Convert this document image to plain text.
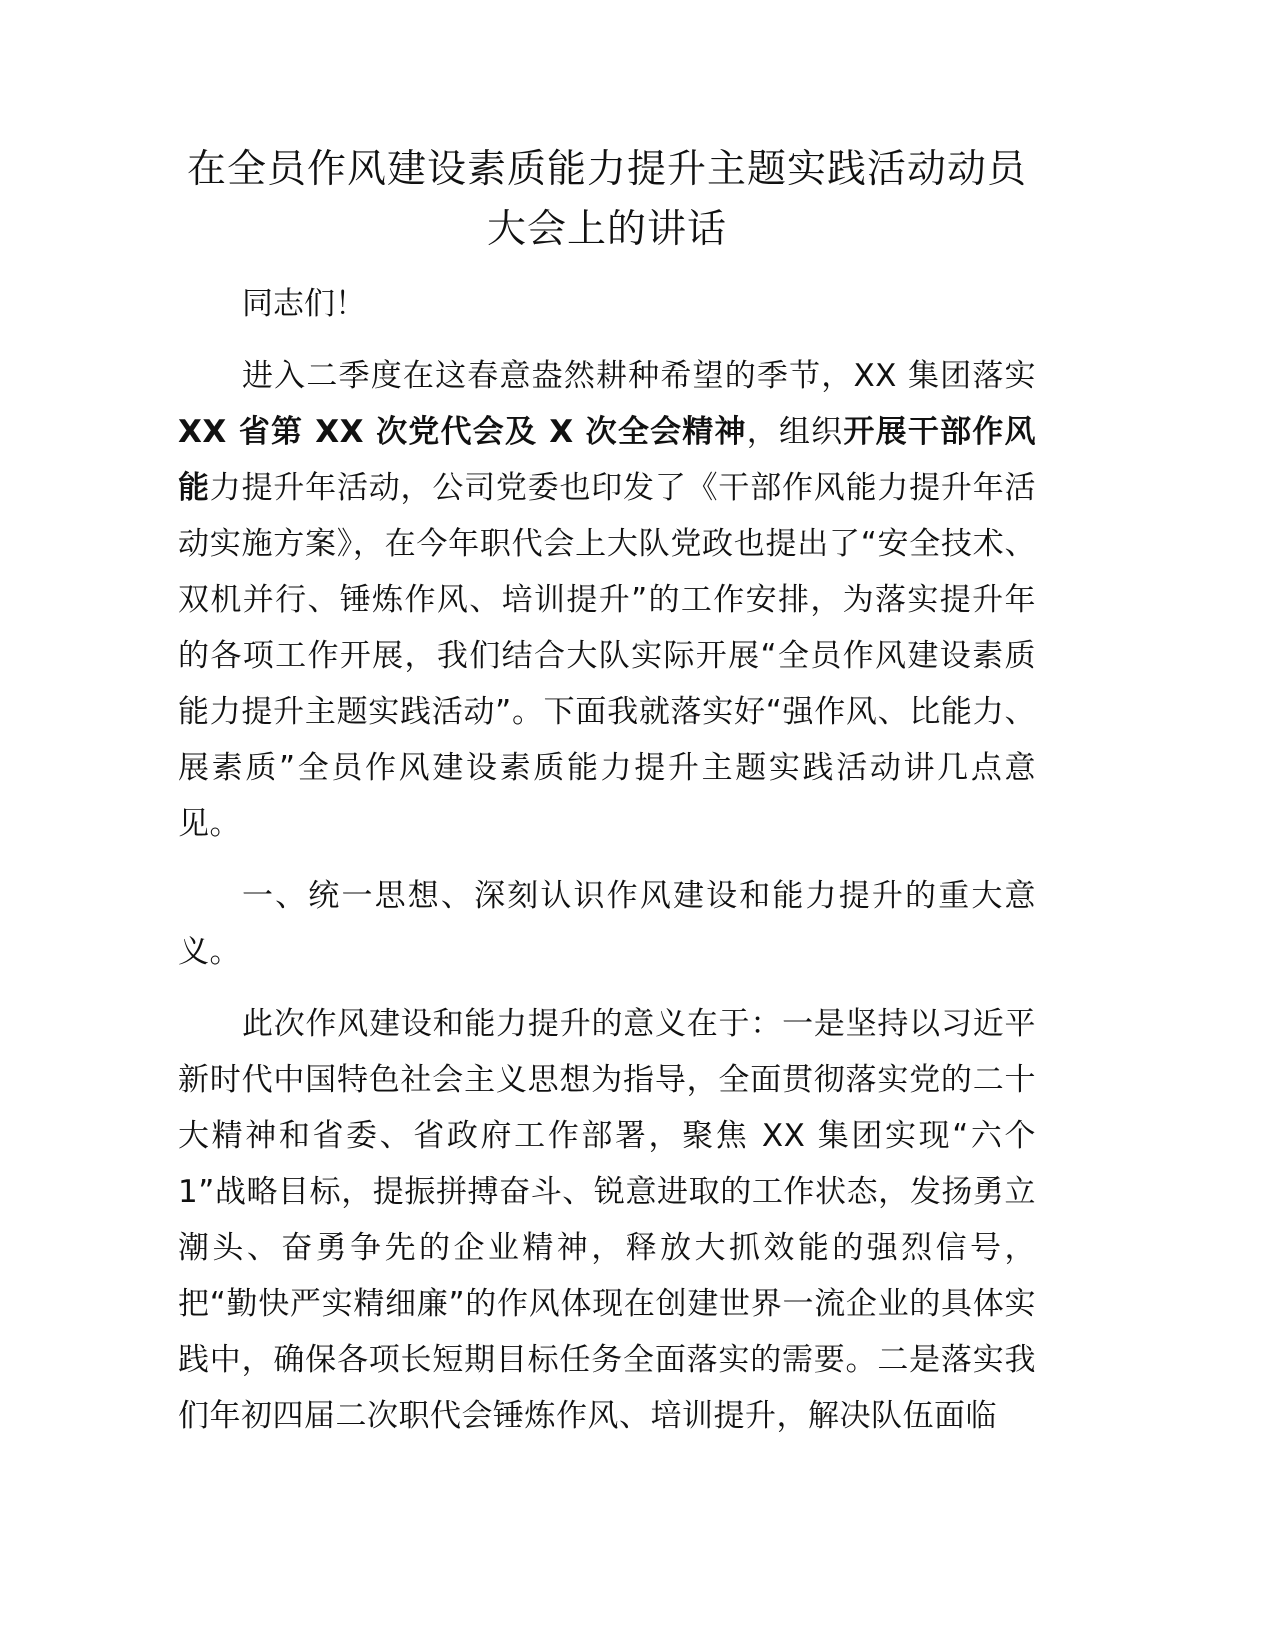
在全员作风建设素质能力提升主题实践活动动员大会上的讲话

同志们！

进入二季度在这春意盎然耕种希望的季节，XX 集团落实 XX 省第 XX 次党代会及 X 次全会精神，组织开展干部作风能力提升年活动，公司党委也印发了《干部作风能力提升年活动实施方案》，在今年职代会上大队党政也提出了“安全技术、双机并行、锤炼作风、培训提升”的工作安排，为落实提升年的各项工作开展，我们结合大队实际开展“全员作风建设素质能力提升主题实践活动”。下面我就落实好“强作风、比能力、展素质”全员作风建设素质能力提升主题实践活动讲几点意见。

一、统一思想、深刻认识作风建设和能力提升的重大意义。

此次作风建设和能力提升的意义在于：一是坚持以习近平新时代中国特色社会主义思想为指导，全面贯彻落实党的二十大精神和省委、省政府工作部署，聚焦 XX 集团实现“六个 1”战略目标，提振拼搏奋斗、锐意进取的工作状态，发扬勇立潮头、奋勇争先的企业精神，释放大抓效能的强烈信号，把“勤快严实精细廉”的作风体现在创建世界一流企业的具体实践中，确保各项长短期目标任务全面落实的需要。二是落实我们年初四届二次职代会锤炼作风、培训提升，解决队伍面临
